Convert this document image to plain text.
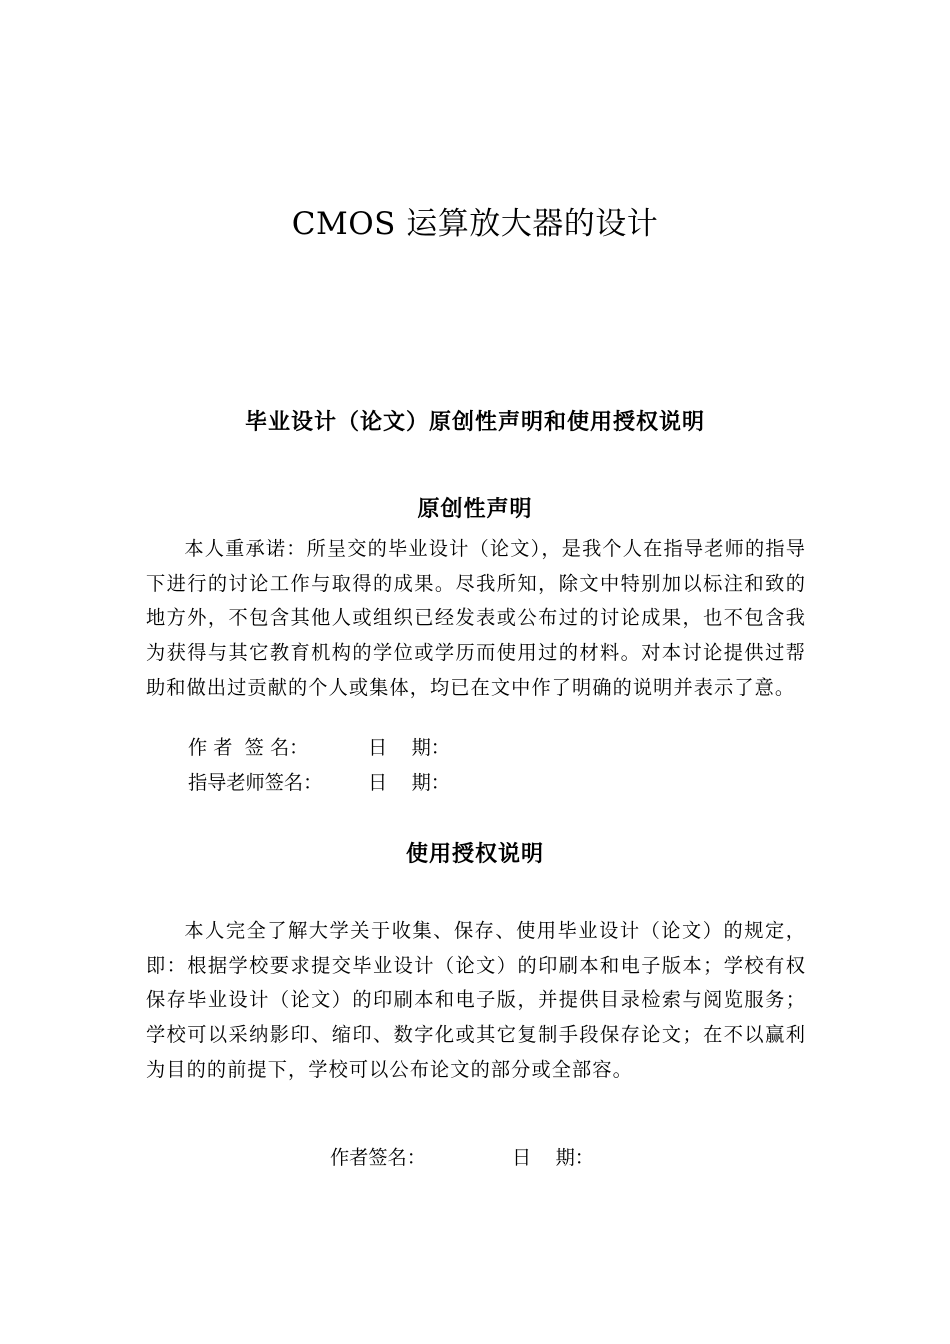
CMOS 运算放大器的设计
毕业设计（论文）原创性声明和使用授权说明
原创性声明

本人重承诺：所呈交的毕业设计（论文），是我个人在指导老师的指导下进行的讨论工作与取得的成果。尽我所知，除文中特别加以标注和致的地方外，不包含其他人或组织已经发表或公布过的讨论成果，也不包含我为获得与其它教育机构的学位或学历而使用过的材料。对本讨论提供过帮助和做出过贡献的个人或集体，均已在文中作了明确的说明并表示了意。

作 者  签 名：

	日    期：

指导老师签名：

日    期：

使用授权说明

本人完全了解大学关于收集、保存、使用毕业设计（论文）的规定，即：根据学校要求提交毕业设计（论文）的印刷本和电子版本；学校有权保存毕业设计（论文）的印刷本和电子版，并提供目录检索与阅览服务；学校可以采纳影印、缩印、数字化或其它复制手段保存论文；在不以赢利为目的的前提下，学校可以公布论文的部分或全部容。

作者签名：

	日    期：
